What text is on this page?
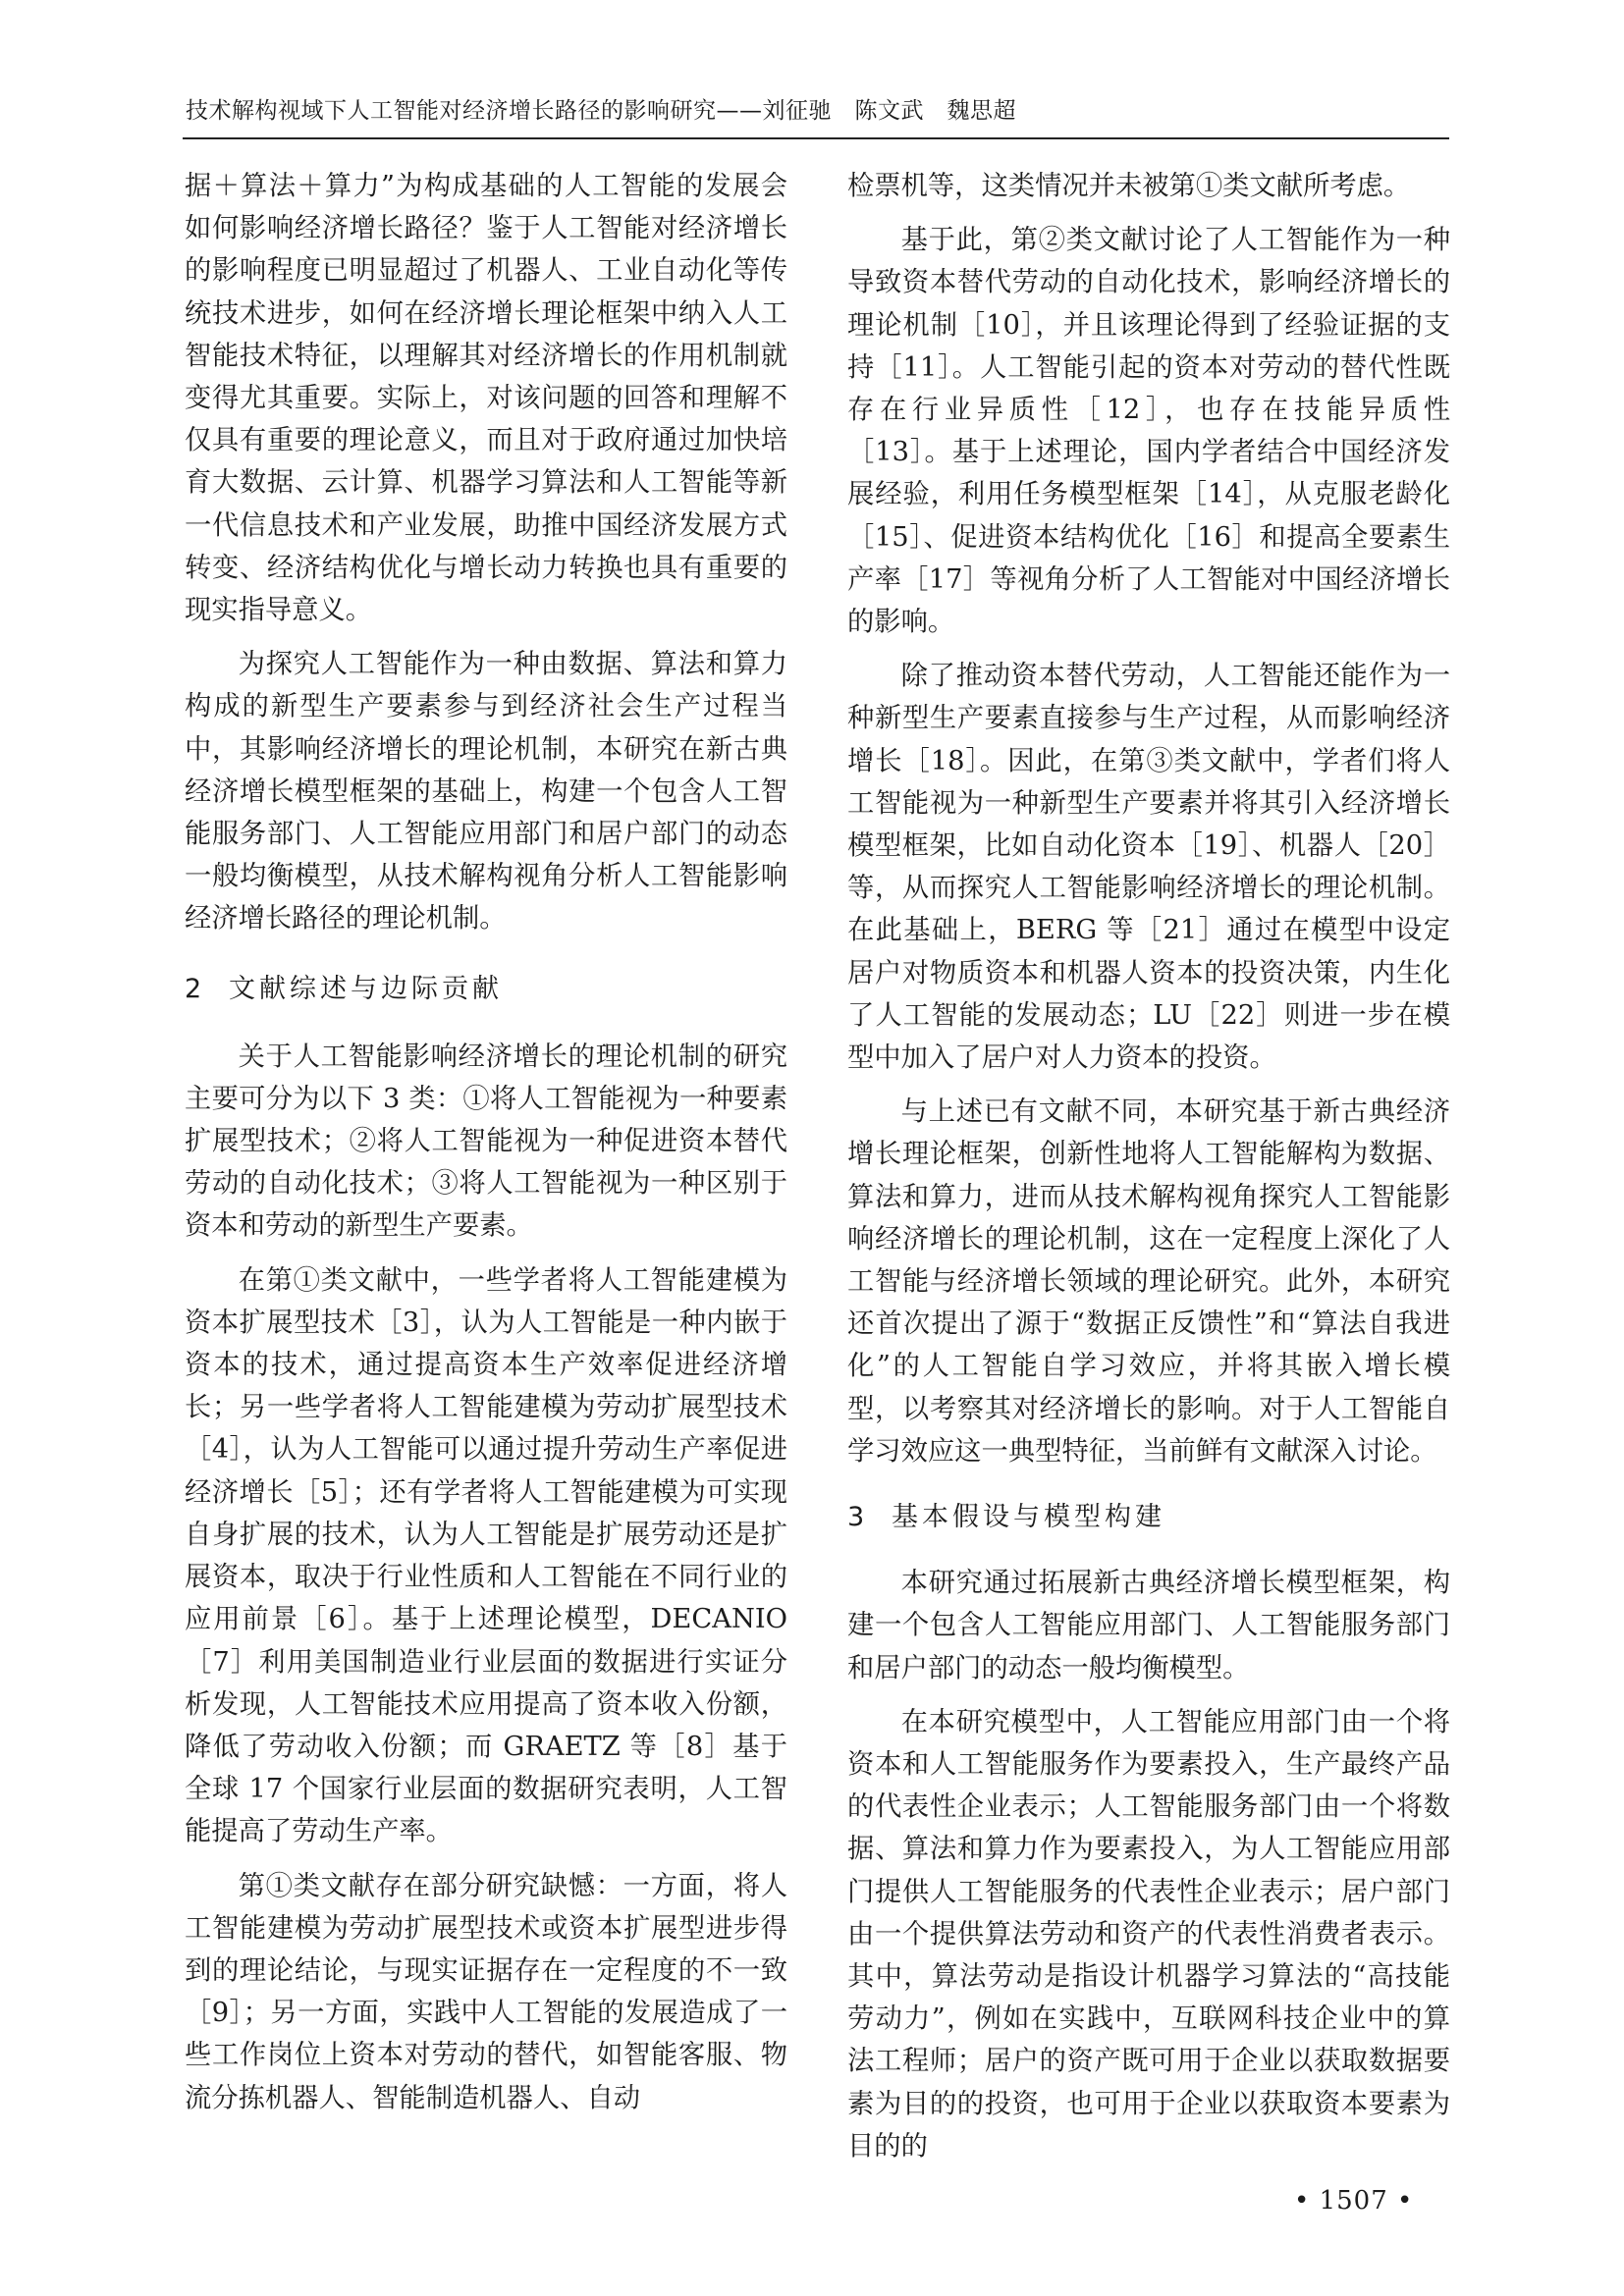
技术解构视域下人工智能对经济增长路径的影响研究——刘征驰　陈文武　魏思超

据＋算法＋算力”为构成基础的人工智能的发展会如何影响经济增长路径？鉴于人工智能对经济增长的影响程度已明显超过了机器人、工业自动化等传统技术进步，如何在经济增长理论框架中纳入人工智能技术特征，以理解其对经济增长的作用机制就变得尤其重要。实际上，对该问题的回答和理解不仅具有重要的理论意义，而且对于政府通过加快培育大数据、云计算、机器学习算法和人工智能等新一代信息技术和产业发展，助推中国经济发展方式转变、经济结构优化与增长动力转换也具有重要的现实指导意义。

为探究人工智能作为一种由数据、算法和算力构成的新型生产要素参与到经济社会生产过程当中，其影响经济增长的理论机制，本研究在新古典经济增长模型框架的基础上，构建一个包含人工智能服务部门、人工智能应用部门和居户部门的动态一般均衡模型，从技术解构视角分析人工智能影响经济增长路径的理论机制。

2 文献综述与边际贡献

关于人工智能影响经济增长的理论机制的研究主要可分为以下 3 类：①将人工智能视为一种要素扩展型技术；②将人工智能视为一种促进资本替代劳动的自动化技术；③将人工智能视为一种区别于资本和劳动的新型生产要素。

在第①类文献中，一些学者将人工智能建模为资本扩展型技术［3］，认为人工智能是一种内嵌于资本的技术，通过提高资本生产效率促进经济增长；另一些学者将人工智能建模为劳动扩展型技术［4］，认为人工智能可以通过提升劳动生产率促进经济增长［5］；还有学者将人工智能建模为可实现自身扩展的技术，认为人工智能是扩展劳动还是扩展资本，取决于行业性质和人工智能在不同行业的应用前景［6］。基于上述理论模型，DECANIO［7］利用美国制造业行业层面的数据进行实证分析发现，人工智能技术应用提高了资本收入份额，降低了劳动收入份额；而 GRAETZ 等［8］基于全球 17 个国家行业层面的数据研究表明，人工智能提高了劳动生产率。

第①类文献存在部分研究缺憾：一方面，将人工智能建模为劳动扩展型技术或资本扩展型进步得到的理论结论，与现实证据存在一定程度的不一致［9］；另一方面，实践中人工智能的发展造成了一些工作岗位上资本对劳动的替代，如智能客服、物流分拣机器人、智能制造机器人、自动

检票机等，这类情况并未被第①类文献所考虑。

基于此，第②类文献讨论了人工智能作为一种导致资本替代劳动的自动化技术，影响经济增长的理论机制［10］，并且该理论得到了经验证据的支持［11］。人工智能引起的资本对劳动的替代性既存在行业异质性［12］，也存在技能异质性［13］。基于上述理论，国内学者结合中国经济发展经验，利用任务模型框架［14］，从克服老龄化［15］、促进资本结构优化［16］和提高全要素生产率［17］等视角分析了人工智能对中国经济增长的影响。

除了推动资本替代劳动，人工智能还能作为一种新型生产要素直接参与生产过程，从而影响经济增长［18］。因此，在第③类文献中，学者们将人工智能视为一种新型生产要素并将其引入经济增长模型框架，比如自动化资本［19］、机器人［20］等，从而探究人工智能影响经济增长的理论机制。在此基础上，BERG 等［21］通过在模型中设定居户对物质资本和机器人资本的投资决策，内生化了人工智能的发展动态；LU［22］则进一步在模型中加入了居户对人力资本的投资。

与上述已有文献不同，本研究基于新古典经济增长理论框架，创新性地将人工智能解构为数据、算法和算力，进而从技术解构视角探究人工智能影响经济增长的理论机制，这在一定程度上深化了人工智能与经济增长领域的理论研究。此外，本研究还首次提出了源于“数据正反馈性”和“算法自我进化”的人工智能自学习效应，并将其嵌入增长模型，以考察其对经济增长的影响。对于人工智能自学习效应这一典型特征，当前鲜有文献深入讨论。

3 基本假设与模型构建

本研究通过拓展新古典经济增长模型框架，构建一个包含人工智能应用部门、人工智能服务部门和居户部门的动态一般均衡模型。

在本研究模型中，人工智能应用部门由一个将资本和人工智能服务作为要素投入，生产最终产品的代表性企业表示；人工智能服务部门由一个将数据、算法和算力作为要素投入，为人工智能应用部门提供人工智能服务的代表性企业表示；居户部门由一个提供算法劳动和资产的代表性消费者表示。其中，算法劳动是指设计机器学习算法的“高技能劳动力”，例如在实践中，互联网科技企业中的算法工程师；居户的资产既可用于企业以获取数据要素为目的的投资，也可用于企业以获取资本要素为目的的

• 1507 •
